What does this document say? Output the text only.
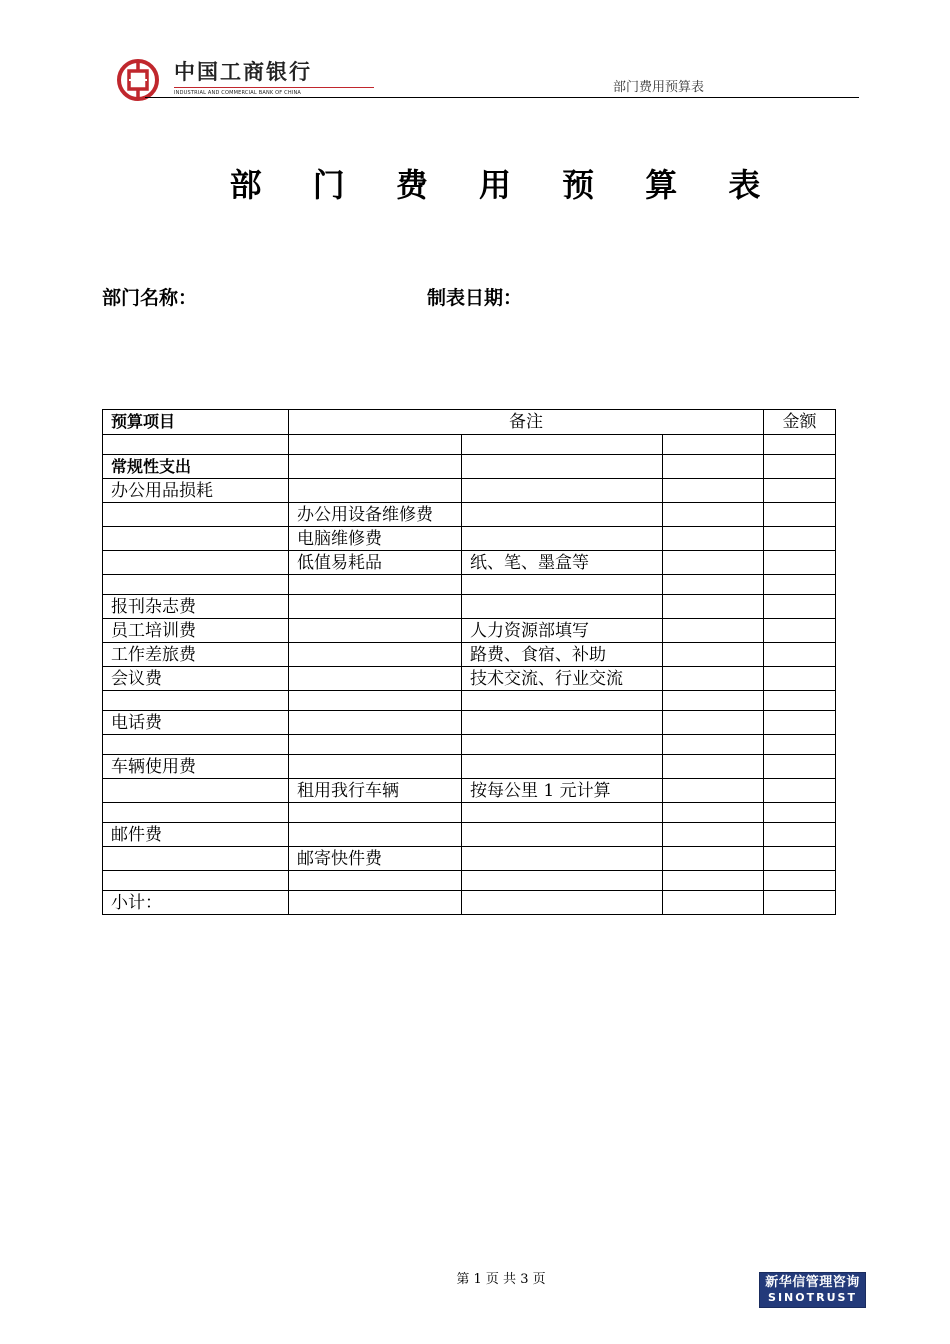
中国工商银行
INDUSTRIAL AND COMMERCIAL BANK OF CHINA	部门费用预算表
部 门 费 用 预 算 表
部门名称：	制表日期：
预算项目	备注			金额

常规性支出				
办公用品损耗				
	办公用设备维修费			
	电脑维修费			
	低值易耗品	纸、笔、墨盒等		

报刊杂志费				
员工培训费		人力资源部填写		
工作差旅费		路费、食宿、补助		
会议费		技术交流、行业交流		

电话费				

车辆使用费				
	租用我行车辆	按每公里 1 元计算		

邮件费				
	邮寄快件费			

小计：				
第 1 页 共 3 页	新华信管理咨询
SINOTRUST
